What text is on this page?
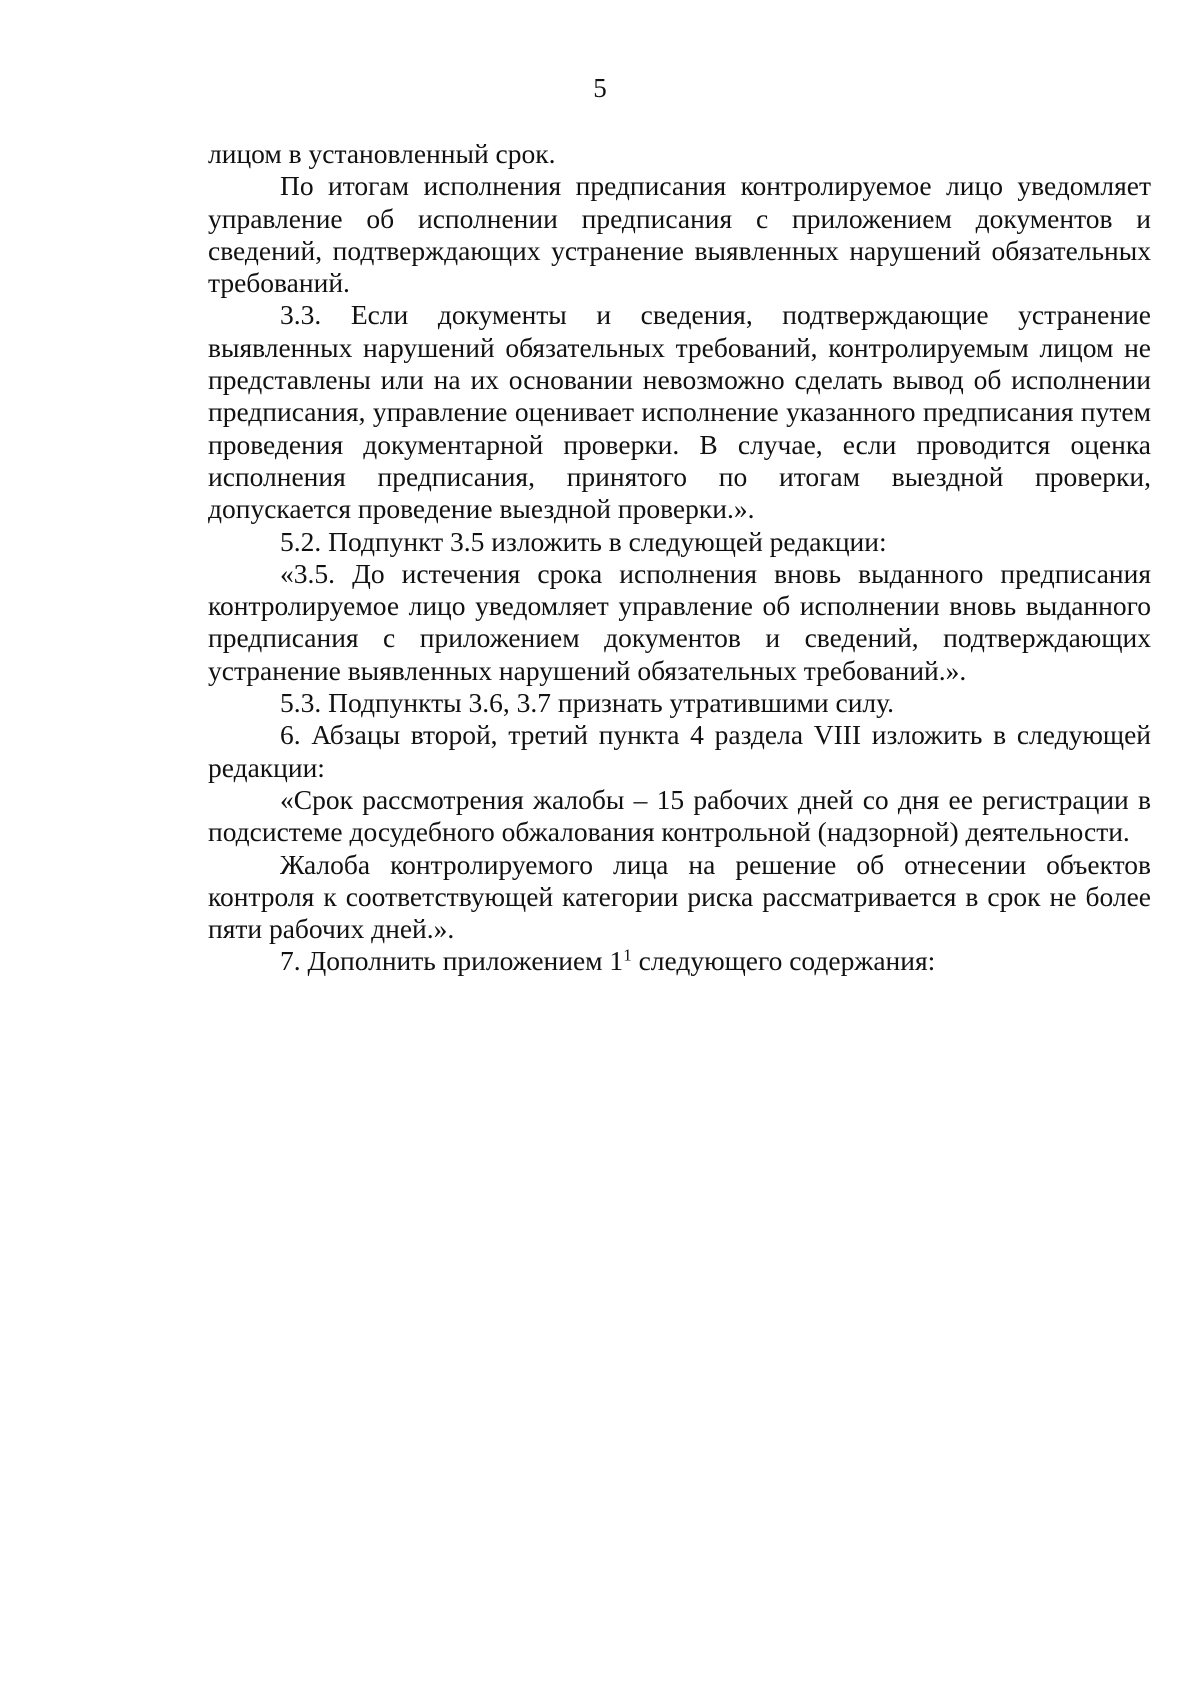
5

лицом в установленный срок.

По итогам исполнения предписания контролируемое лицо уведомляет управление об исполнении предписания с приложением документов и сведений, подтверждающих устранение выявленных нарушений обязательных требований.

3.3. Если документы и сведения, подтверждающие устранение выявленных нарушений обязательных требований, контролируемым лицом не представлены или на их основании невозможно сделать вывод об исполнении предписания, управление оценивает исполнение указанного предписания путем проведения документарной проверки. В случае, если проводится оценка исполнения предписания, принятого по итогам выездной проверки, допускается проведение выездной проверки.».

5.2. Подпункт 3.5 изложить в следующей редакции:

«3.5. До истечения срока исполнения вновь выданного предписания контролируемое лицо уведомляет управление об исполнении вновь выданного предписания с приложением документов и сведений, подтверждающих устранение выявленных нарушений обязательных требований.».

5.3. Подпункты 3.6, 3.7 признать утратившими силу.

6. Абзацы второй, третий пункта 4 раздела VIII изложить в следующей редакции:

«Срок рассмотрения жалобы – 15 рабочих дней со дня ее регистрации в подсистеме досудебного обжалования контрольной (надзорной) деятельности.

Жалоба контролируемого лица на решение об отнесении объектов контроля к соответствующей категории риска рассматривается в срок не более пяти рабочих дней.».

7. Дополнить приложением $1^1$ следующего содержания:
